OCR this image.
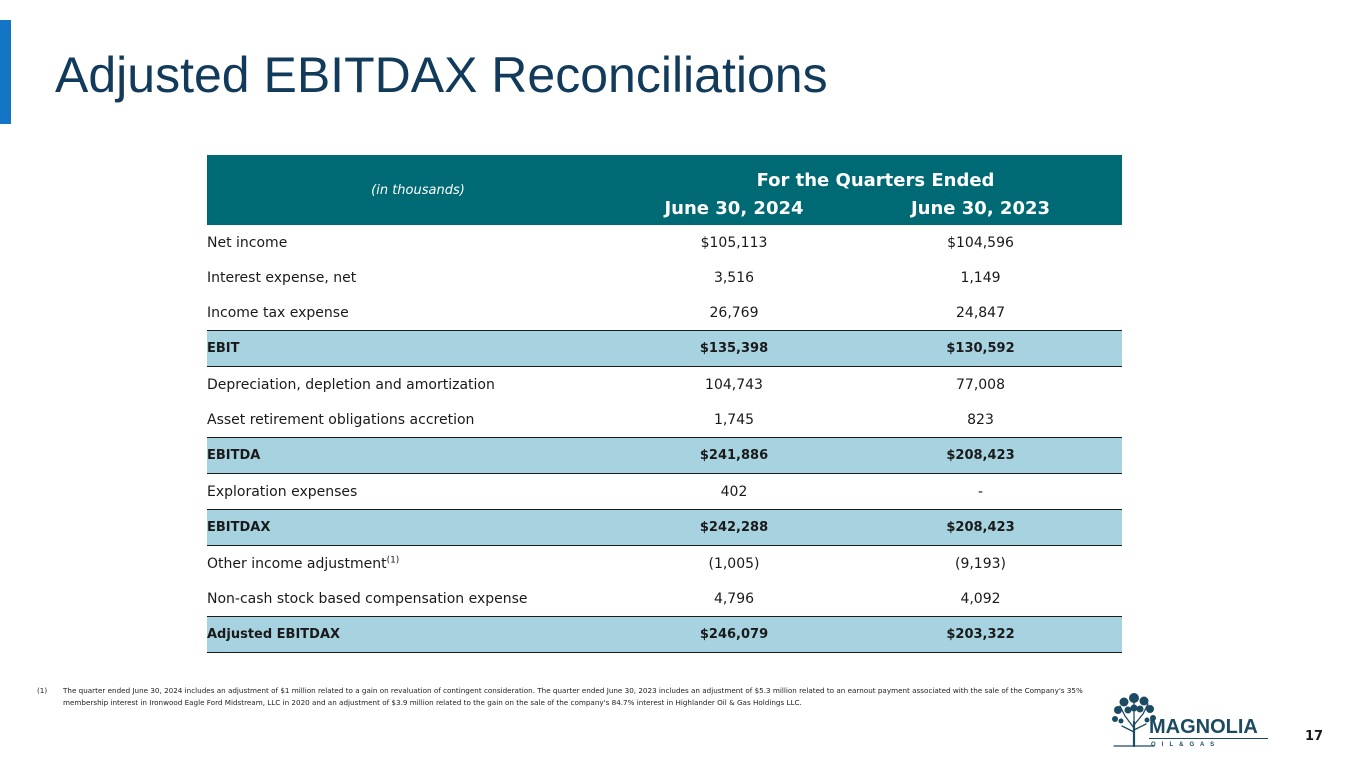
Adjusted EBITDAX Reconciliations
(in thousands)	For the Quarters Ended	
	June 30, 2024	June 30, 2023
Net income	$105,113	$104,596
Interest expense, net	3,516	1,149
Income tax expense	26,769	24,847
EBIT	$135,398	$130,592
Depreciation, depletion and amortization	104,743	77,008
Asset retirement obligations accretion	1,745	823
EBITDA	$241,886	$208,423
Exploration expenses	402	-
EBITDAX	$242,288	$208,423
Other income adjustment$^{(1)}$	(1,005)	(9,193)
Non-cash stock based compensation expense	4,796	4,092
Adjusted EBITDAX	$246,079	$203,322
(1)	The quarter ended June 30, 2024 includes an adjustment of $1 million related to a gain on revaluation of contingent consideration. The quarter ended June 30, 2023 includes an adjustment of $5.3 million related to an earnout payment associated with the sale of the Company's 35% membership interest in Ironwood Eagle Ford Midstream, LLC in 2020 and an adjustment of $3.9 million related to the gain on the sale of the company's 84.7% interest in Highlander Oil & Gas Holdings LLC.
MAGNOLIA
O I L & G A S
17
